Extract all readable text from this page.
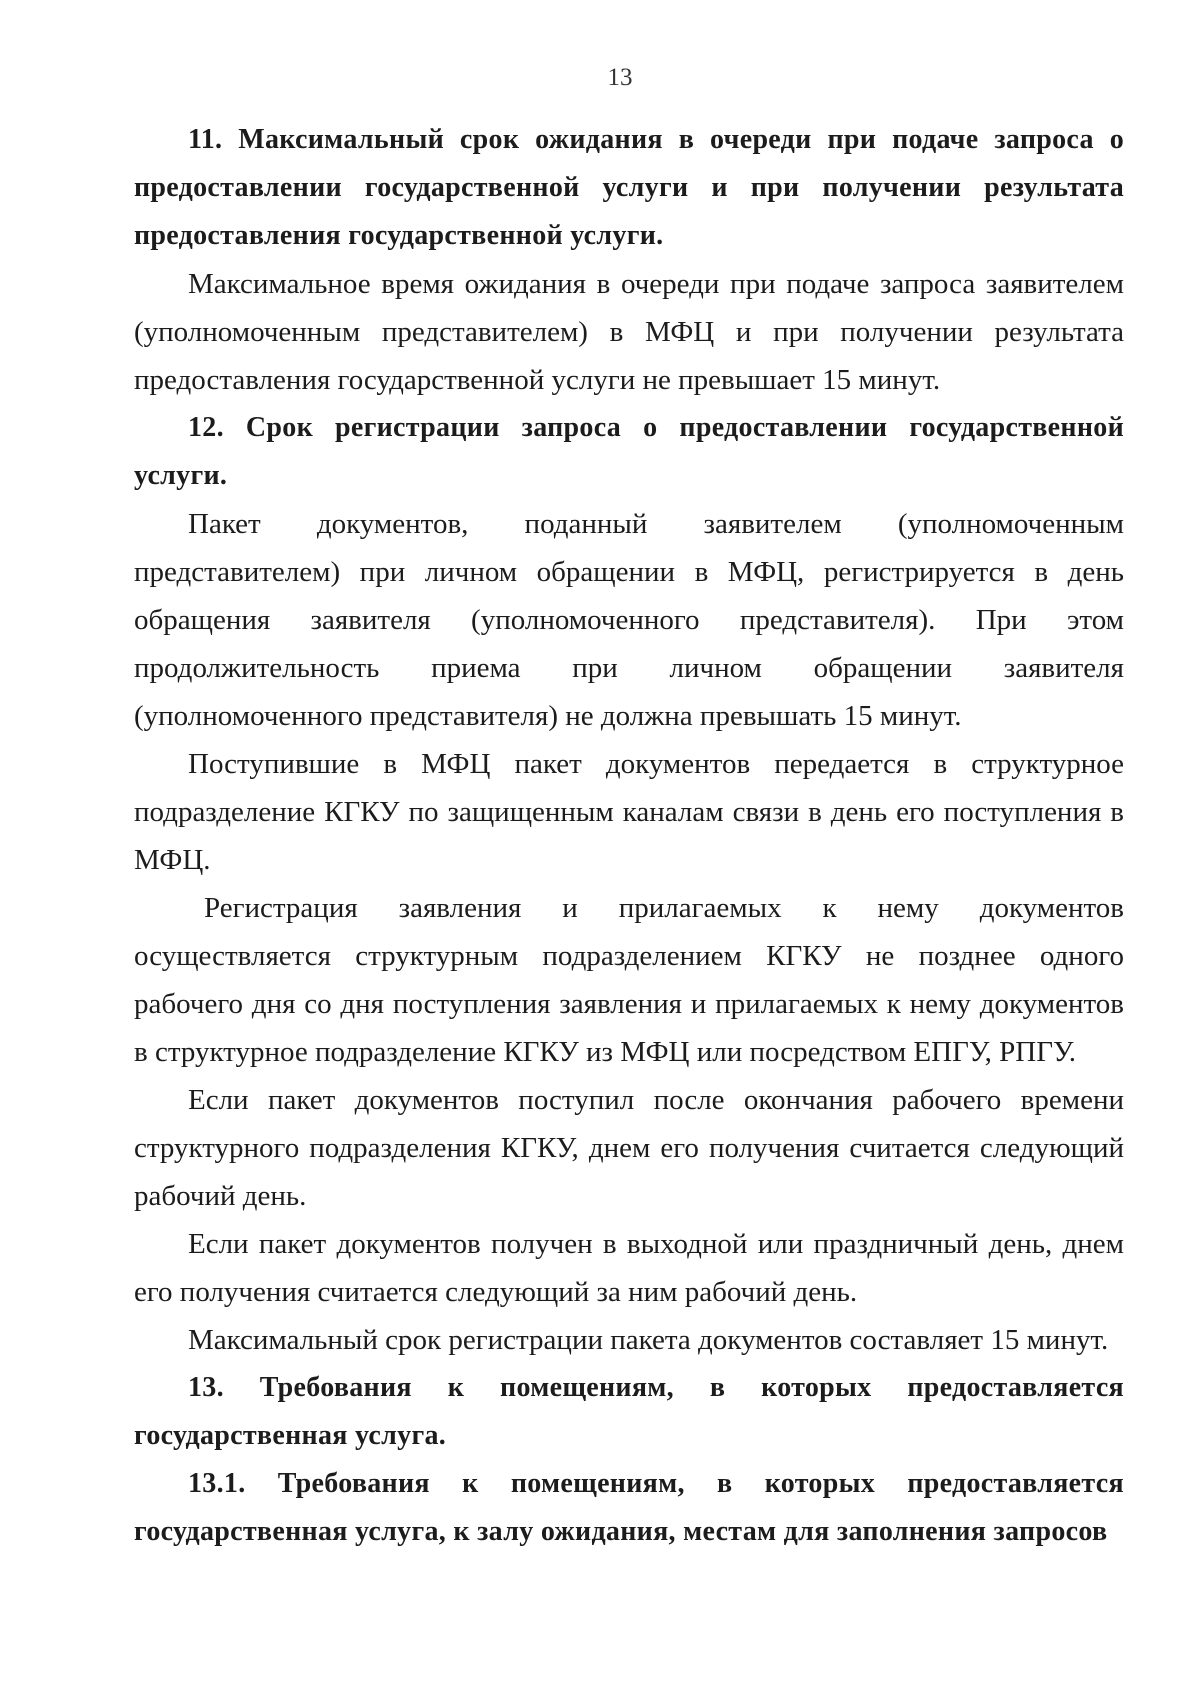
13

11. Максимальный срок ожидания в очереди при подаче запроса о предоставлении государственной услуги и при получении результата предоставления государственной услуги.

Максимальное время ожидания в очереди при подаче запроса заявителем (уполномоченным представителем) в МФЦ и при получении результата предоставления государственной услуги не превышает 15 минут.

12. Срок регистрации запроса о предоставлении государственной услуги.

Пакет документов, поданный заявителем (уполномоченным представителем) при личном обращении в МФЦ, регистрируется в день обращения заявителя (уполномоченного представителя). При этом продолжительность приема при личном обращении заявителя (уполномоченного представителя) не должна превышать 15 минут.

Поступившие в МФЦ пакет документов передается в структурное подразделение КГКУ по защищенным каналам связи в день его поступления в МФЦ.

Регистрация заявления и прилагаемых к нему документов осуществляется структурным подразделением КГКУ не позднее одного рабочего дня со дня поступления заявления и прилагаемых к нему документов в структурное подразделение КГКУ из МФЦ или посредством ЕПГУ, РПГУ.

Если пакет документов поступил после окончания рабочего времени структурного подразделения КГКУ, днем его получения считается следующий рабочий день.

Если пакет документов получен в выходной или праздничный день, днем его получения считается следующий за ним рабочий день.

Максимальный срок регистрации пакета документов составляет 15 минут.

13. Требования к помещениям, в которых предоставляется государственная услуга.

13.1. Требования к помещениям, в которых предоставляется государственная услуга, к залу ожидания, местам для заполнения запросов
